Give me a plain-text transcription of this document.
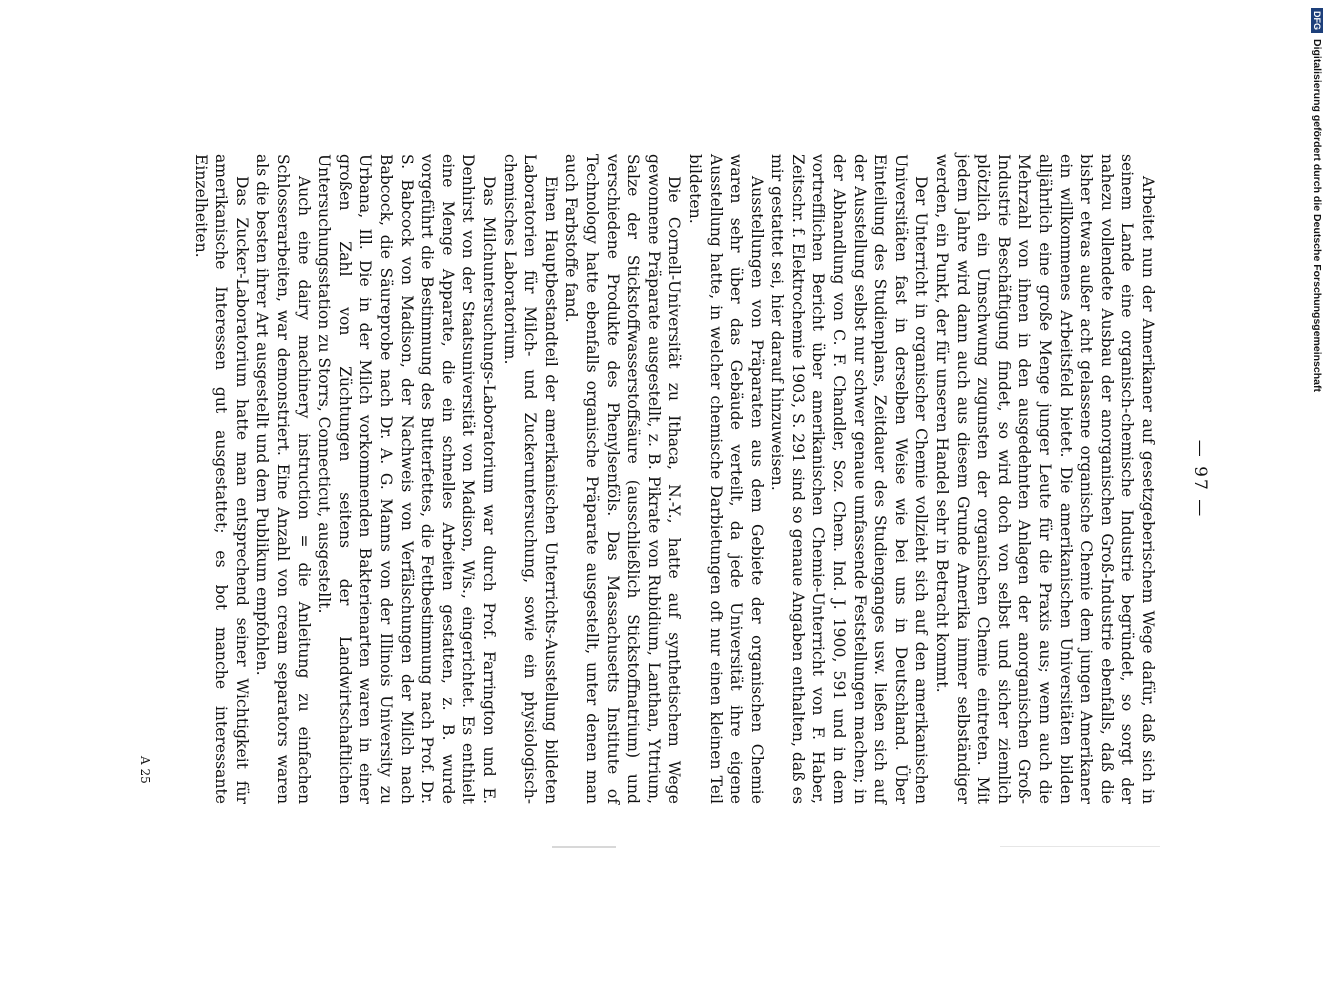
— 97 —

Arbeitet nun der Amerikaner auf gesetzgeberischem Wege dafür, daß sich in seinem Lande eine organisch-chemische Industrie begründet, so sorgt der nahezu vollendete Ausbau der anorganischen Groß-Industrie ebenfalls, daß die bisher etwas außer acht gelassene organische Chemie dem jungen Amerikaner ein willkommenes Arbeitsfeld bietet. Die amerikanischen Universitäten bilden alljährlich eine große Menge junger Leute für die Praxis aus; wenn auch die Mehrzahl von ihnen in den ausgedehnten Anlagen der anorganischen Groß-Industrie Beschäftigung findet, so wird doch von selbst und sicher ziemlich plötzlich ein Umschwung zugunsten der organischen Chemie eintreten. Mit jedem Jahre wird dann auch aus diesem Grunde Amerika immer selbständiger werden, ein Punkt, der für unseren Handel sehr in Betracht kommt.

Der Unterricht in organischer Chemie vollzieht sich auf den amerikanischen Universitäten fast in derselben Weise wie bei uns in Deutschland. Über Einteilung des Studienplans, Zeitdauer des Studienganges usw. ließen sich auf der Ausstellung selbst nur schwer genaue umfassende Feststellungen machen; in der Abhandlung von C. F. Chandler, Soz. Chem. Ind. J. 1900, 591 und in dem vortrefflichen Bericht über amerikanischen Chemie-Unterricht von F. Haber, Zeitschr. f. Elektrochemie 1903, S. 291 sind so genaue Angaben enthalten, daß es mir gestattet sei, hier darauf hinzuweisen.

Ausstellungen von Präparaten aus dem Gebiete der organischen Chemie waren sehr über das Gebäude verteilt, da jede Universität ihre eigene Ausstellung hatte, in welcher chemische Darbietungen oft nur einen kleinen Teil bildeten.

Die Cornell-Universität zu Ithaca, N.-Y., hatte auf synthetischem Wege gewonnene Präparate ausgestellt, z. B. Pikrate von Rubidium, Lanthan, Yttrium, Salze der Stickstoffwasserstoffsäure (ausschließlich Stickstoffnatrium) und verschiedene Produkte des Phenylsenföls. Das Massachusetts Institute of Technology hatte ebenfalls organische Präparate ausgestellt, unter denen man auch Farbstoffe fand.

Einen Hauptbestandteil der amerikanischen Unterrichts-Ausstellung bildeten Laboratorien für Milch- und Zuckeruntersuchung, sowie ein physiologisch-chemisches Laboratorium.

Das Milchuntersuchungs-Laboratorium war durch Prof. Farrington und E. Denhirst von der Staatsuniversität von Madison, Wis., eingerichtet. Es enthielt eine Menge Apparate, die ein schnelles Arbeiten gestatten, z. B. wurde vorgeführt die Bestimmung des Butterfettes, die Fettbestimmung nach Prof. Dr. S. Babcock von Madison, der Nachweis von Verfälschungen der Milch nach Babcock, die Säureprobe nach Dr. A. G. Manns von der Illinois University zu Urbana, Ill. Die in der Milch vorkommenden Bakterienarten waren in einer großen Zahl von Züchtungen seitens der Landwirtschaftlichen Untersuchungsstation zu Storrs, Connecticut, ausgestellt.

Auch eine dairy machinery instruction = die Anleitung zu einfachen Schlosserarbeiten, war demonstriert. Eine Anzahl von cream separators waren als die besten ihrer Art ausgestellt und dem Publikum empfohlen.

Das Zucker-Laboratorium hatte man entsprechend seiner Wichtigkeit für amerikanische Interessen gut ausgestattet; es bot manche interessante Einzelheiten.

A 25
DFGDigitalisierung gefördert durch die Deutsche Forschungsgemeinschaft
